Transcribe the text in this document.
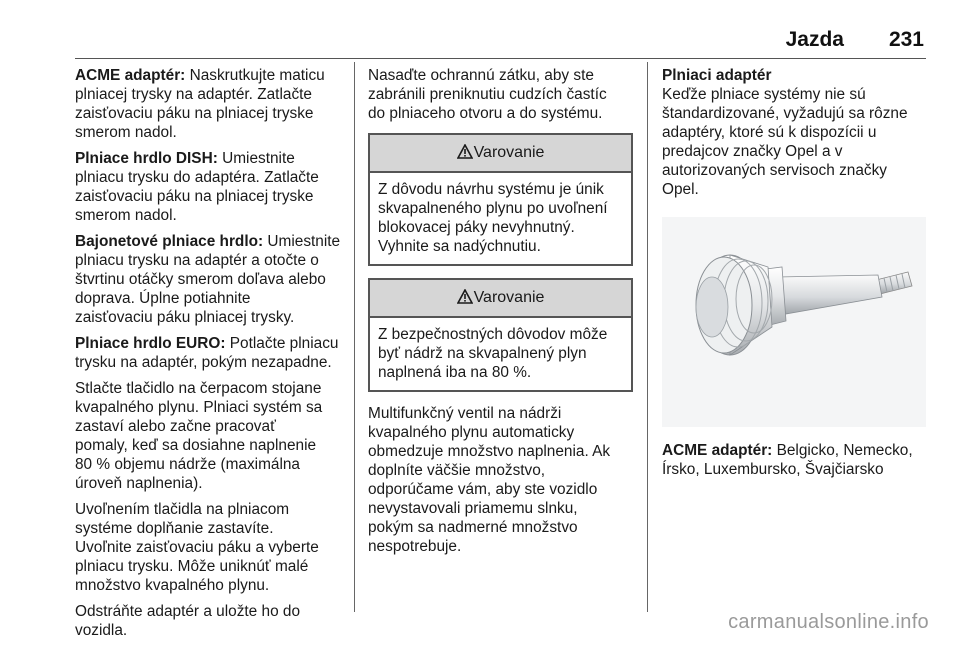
Jazda 231

ACME adaptér: Naskrutkujte maticu
plniacej trysky na adaptér. Zatlačte
zaisťovaciu páku na plniacej tryske
smerom nadol.

Plniace hrdlo DISH: Umiestnite
plniacu trysku do adaptéra. Zatlačte
zaisťovaciu páku na plniacej tryske
smerom nadol.

Bajonetové plniace hrdlo: Umiestnite
plniacu trysku na adaptér a otočte o
štvrtinu otáčky smerom doľava alebo
doprava. Úplne potiahnite
zaisťovaciu páku plniacej trysky.

Plniace hrdlo EURO: Potlačte plniacu
trysku na adaptér, pokým nezapadne.

Stlačte tlačidlo na čerpacom stojane
kvapalného plynu. Plniaci systém sa
zastaví alebo začne pracovať
pomaly, keď sa dosiahne naplnenie
80 % objemu nádrže (maximálna
úroveň naplnenia).

Uvoľnením tlačidla na plniacom
systéme doplňanie zastavíte.
Uvoľnite zaisťovaciu páku a vyberte
plniacu trysku. Môže uniknúť malé
množstvo kvapalného plynu.

Odstráňte adaptér a uložte ho do
vozidla.

Nasaďte ochrannú zátku, aby ste
zabránili preniknutiu cudzích častíc
do plniaceho otvoru a do systému.

Varovanie
Z dôvodu návrhu systému je únik
skvapalneného plynu po uvoľnení
blokovacej páky nevyhnutný.
Vyhnite sa nadýchnutiu.
Varovanie
Z bezpečnostných dôvodov môže
byť nádrž na skvapalnený plyn
naplnená iba na 80 %.

Multifunkčný ventil na nádrži
kvapalného plynu automaticky
obmedzuje množstvo naplnenia. Ak
doplníte väčšie množstvo,
odporúčame vám, aby ste vozidlo
nevystavovali priamemu slnku,
pokým sa nadmerné množstvo
nespotrebuje.

Plniaci adaptér

Keďže plniace systémy nie sú
štandardizované, vyžadujú sa rôzne
adaptéry, ktoré sú k dispozícii u
predajcov značky Opel a v
autorizovaných servisoch značky
Opel.

ACME adaptér: Belgicko, Nemecko,
Írsko, Luxembursko, Švajčiarsko

carmanualsonline.info
